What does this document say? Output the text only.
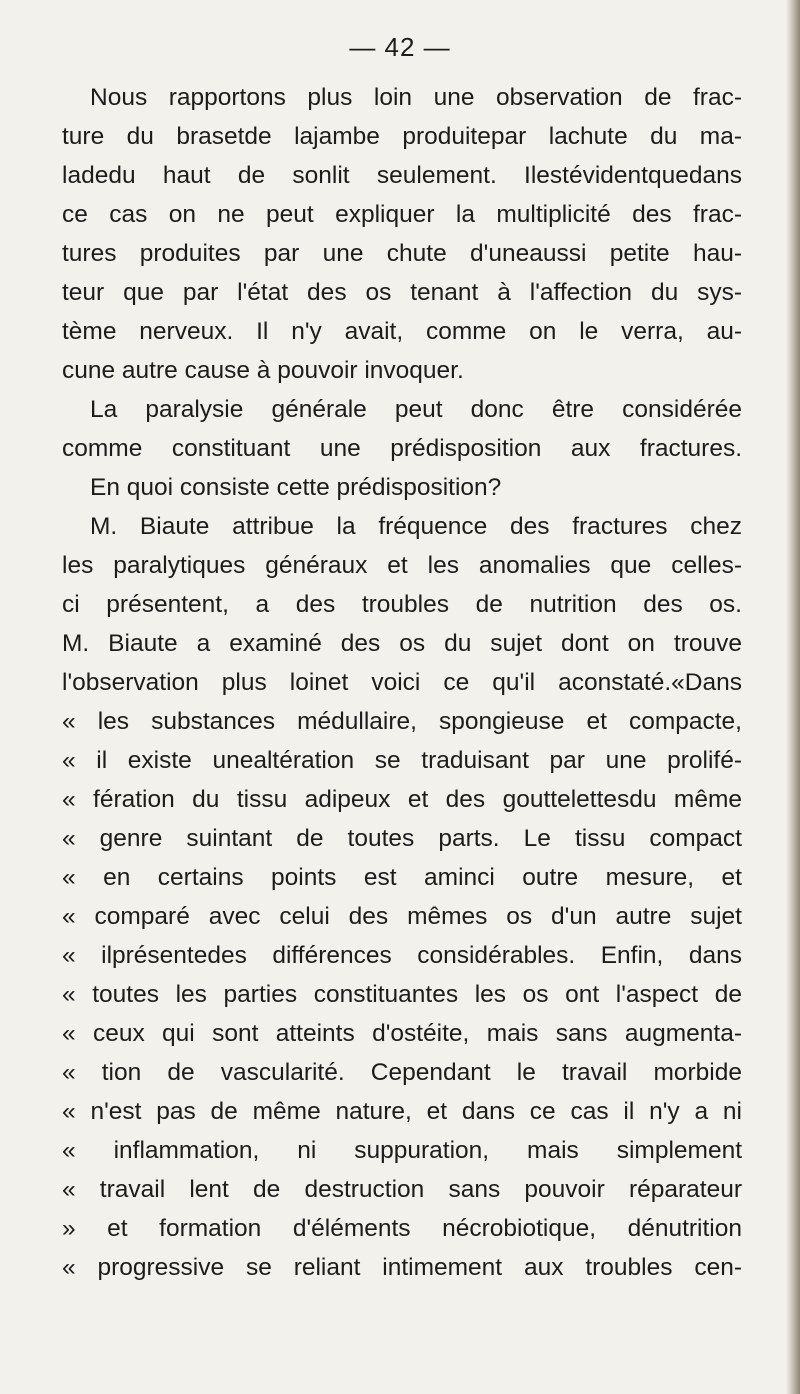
— 42 —
Nous rapportons plus loin une observation de frac-
ture du brasetde lajambe produitepar lachute du ma-
ladedu haut de sonlit seulement. Ilestévidentquedans
ce cas on ne peut expliquer la multiplicité des frac-
tures produites par une chute d'uneaussi petite hau-
teur que par l'état des os tenant à l'affection du sys-
tème nerveux. Il n'y avait, comme on le verra, au-
cune autre cause à pouvoir invoquer.
La paralysie générale peut donc être considérée
comme constituant une prédisposition aux fractures.
En quoi consiste cette prédisposition?
M. Biaute attribue la fréquence des fractures chez
les paralytiques généraux et les anomalies que celles-
ci présentent, a des troubles de nutrition des os.
M. Biaute a examiné des os du sujet dont on trouve
l'observation plus loinet voici ce qu'il aconstaté.«Dans
« les substances médullaire, spongieuse et compacte,
« il existe unealtération se traduisant par une prolifé-
« fération du tissu adipeux et des gouttelettesdu même
« genre suintant de toutes parts. Le tissu compact
« en certains points est aminci outre mesure, et
« comparé avec celui des mêmes os d'un autre sujet
« ilprésentedes différences considérables. Enfin, dans
« toutes les parties constituantes les os ont l'aspect de
« ceux qui sont atteints d'ostéite, mais sans augmenta-
« tion de vascularité. Cependant le travail morbide
« n'est pas de même nature, et dans ce cas il n'y a ni
« inflammation, ni suppuration, mais simplement
« travail lent de destruction sans pouvoir réparateur
» et formation d'éléments nécrobiotique, dénutrition
« progressive se reliant intimement aux troubles cen-
